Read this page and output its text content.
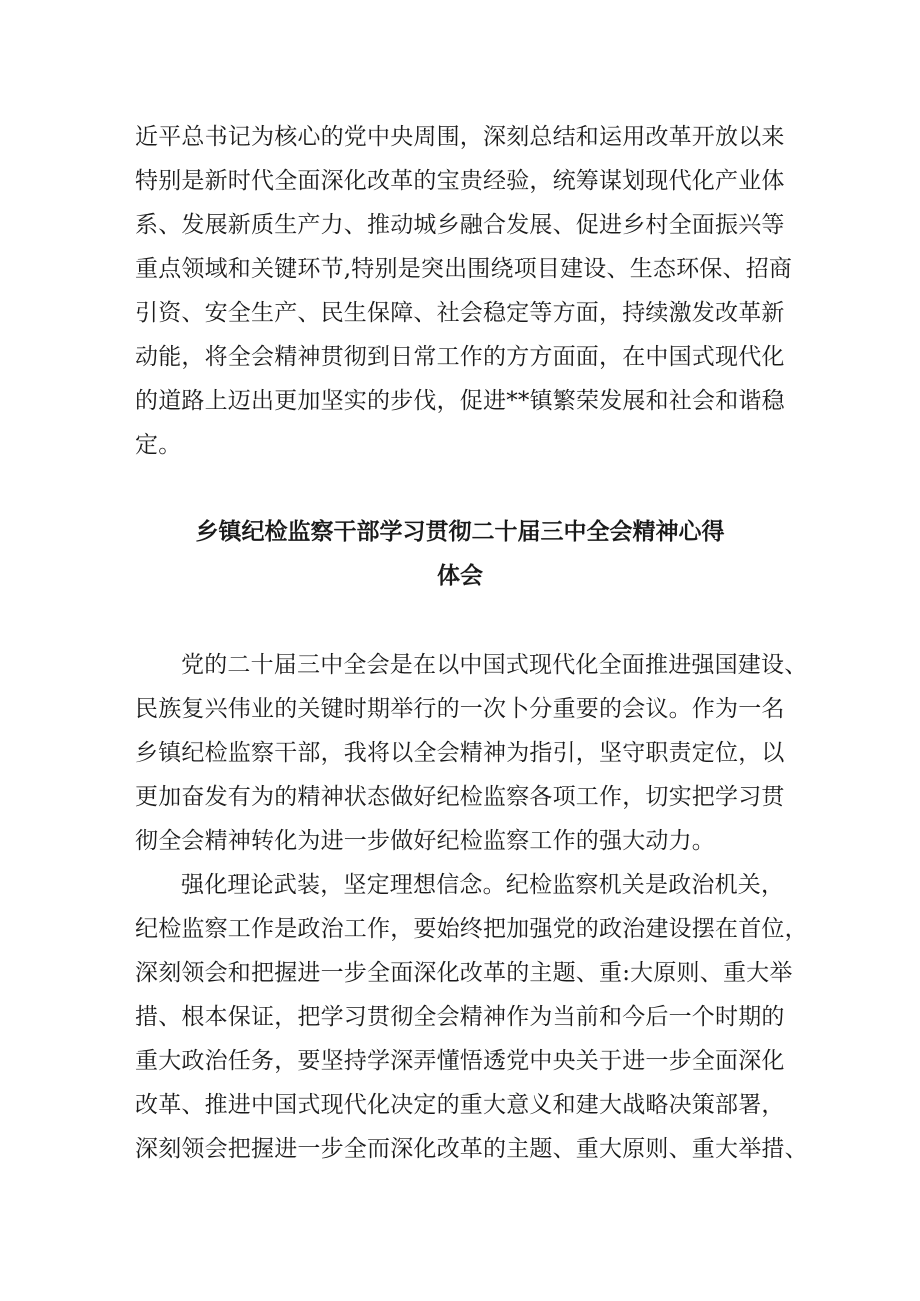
近平总书记为核心的党中央周围，深刻总结和运用改革开放以来
特别是新时代全面深化改革的宝贵经验，统筹谋划现代化产业体
系、发展新质生产力、推动城乡融合发展、促进乡村全面振兴等
重点领域和关键环节,特别是突出围绕项目建设、生态环保、招商
引资、安全生产、民生保障、社会稳定等方面，持续激发改革新
动能，将全会精神贯彻到日常工作的方方面面，在中国式现代化
的道路上迈出更加坚实的步伐，促进**镇繁荣发展和社会和谐稳
定。
乡镇纪检监察干部学习贯彻二十届三中全会精神心得
体会
党的二十届三中全会是在以中国式现代化全面推进强国建设、
民族复兴伟业的关键时期举行的一次卜分重要的会议。作为一名
乡镇纪检监察干部，我将以全会精神为指引，坚守职责定位，以
更加奋发有为的精神状态做好纪检监察各项工作，切实把学习贯
彻全会精神转化为进一步做好纪检监察工作的强大动力。
强化理论武装，坚定理想信念。纪检监察机关是政治机关，
纪检监察工作是政治工作，要始终把加强党的政治建设摆在首位，
深刻领会和把握进一步全面深化改革的主题、重:大原则、重大举
措、根本保证，把学习贯彻全会精神作为当前和今后一个时期的
重大政治任务，要坚持学深弄懂悟透党中央关于进一步全面深化
改革、推进中国式现代化决定的重大意义和建大战略决策部署，
深刻领会把握进一步全而深化改革的主题、重大原则、重大举措、
